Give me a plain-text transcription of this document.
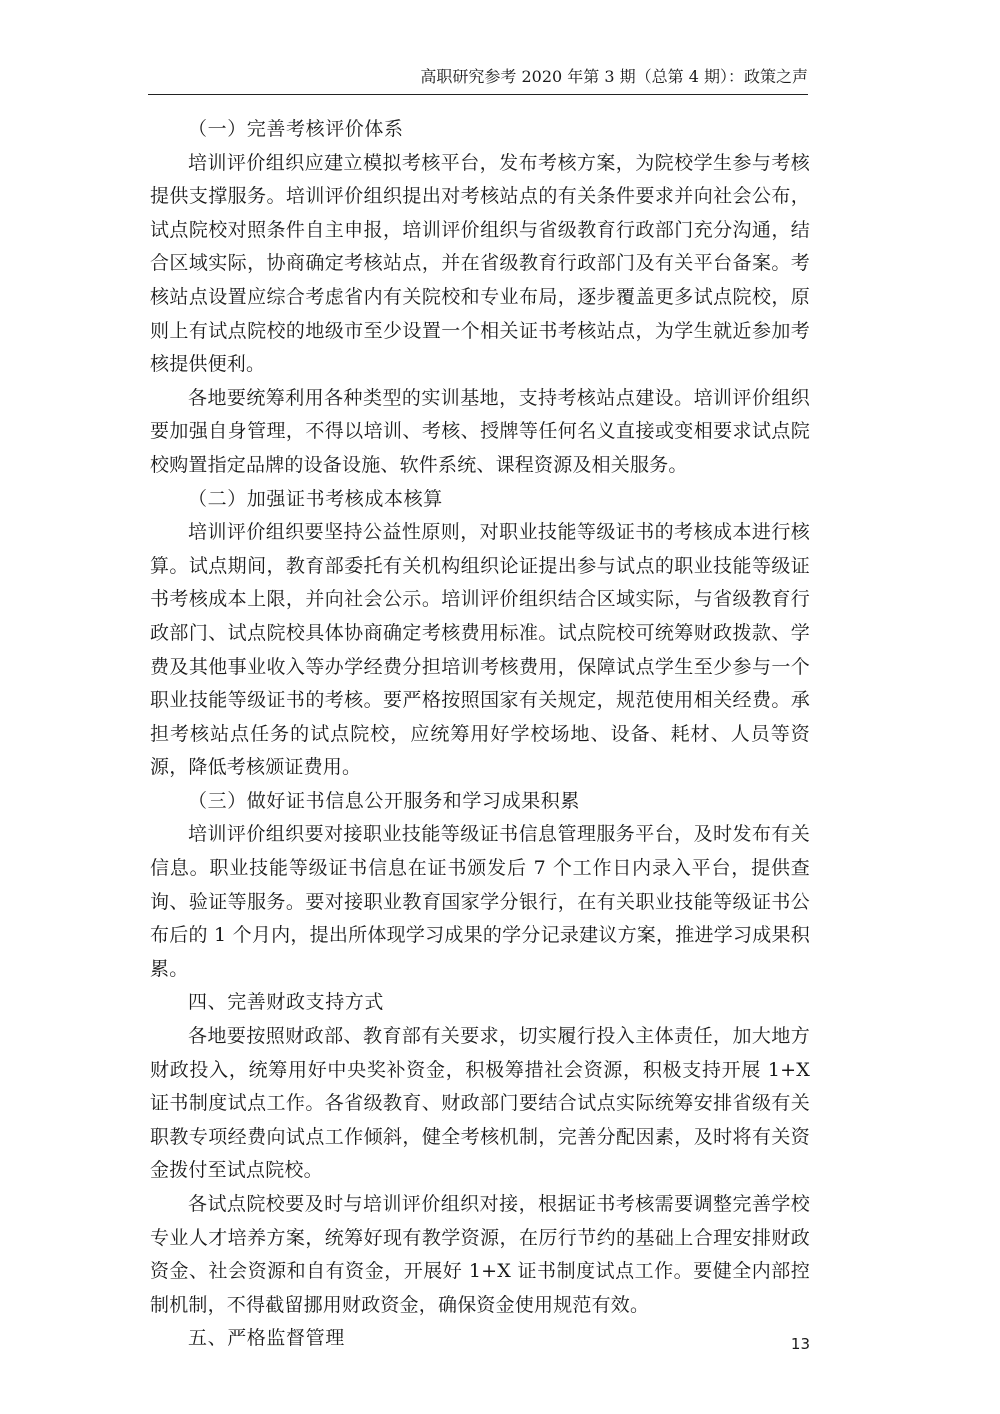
高职研究参考 2020 年第 3 期（总第 4 期）：政策之声

（一）完善考核评价体系

培训评价组织应建立模拟考核平台，发布考核方案，为院校学生参与考核提供支撑服务。培训评价组织提出对考核站点的有关条件要求并向社会公布，试点院校对照条件自主申报，培训评价组织与省级教育行政部门充分沟通，结合区域实际，协商确定考核站点，并在省级教育行政部门及有关平台备案。考核站点设置应综合考虑省内有关院校和专业布局，逐步覆盖更多试点院校，原则上有试点院校的地级市至少设置一个相关证书考核站点，为学生就近参加考核提供便利。

各地要统筹利用各种类型的实训基地，支持考核站点建设。培训评价组织要加强自身管理，不得以培训、考核、授牌等任何名义直接或变相要求试点院校购置指定品牌的设备设施、软件系统、课程资源及相关服务。

（二）加强证书考核成本核算

培训评价组织要坚持公益性原则，对职业技能等级证书的考核成本进行核算。试点期间，教育部委托有关机构组织论证提出参与试点的职业技能等级证书考核成本上限，并向社会公示。培训评价组织结合区域实际，与省级教育行政部门、试点院校具体协商确定考核费用标准。试点院校可统筹财政拨款、学费及其他事业收入等办学经费分担培训考核费用，保障试点学生至少参与一个职业技能等级证书的考核。要严格按照国家有关规定，规范使用相关经费。承担考核站点任务的试点院校，应统筹用好学校场地、设备、耗材、人员等资源，降低考核颁证费用。

（三）做好证书信息公开服务和学习成果积累

培训评价组织要对接职业技能等级证书信息管理服务平台，及时发布有关信息。职业技能等级证书信息在证书颁发后 7 个工作日内录入平台，提供查询、验证等服务。要对接职业教育国家学分银行，在有关职业技能等级证书公布后的 1 个月内，提出所体现学习成果的学分记录建议方案，推进学习成果积累。

四、完善财政支持方式

各地要按照财政部、教育部有关要求，切实履行投入主体责任，加大地方财政投入，统筹用好中央奖补资金，积极筹措社会资源，积极支持开展 1+X 证书制度试点工作。各省级教育、财政部门要结合试点实际统筹安排省级有关职教专项经费向试点工作倾斜，健全考核机制，完善分配因素，及时将有关资金拨付至试点院校。

各试点院校要及时与培训评价组织对接，根据证书考核需要调整完善学校专业人才培养方案，统筹好现有教学资源，在厉行节约的基础上合理安排财政资金、社会资源和自有资金，开展好 1+X 证书制度试点工作。要健全内部控制机制，不得截留挪用财政资金，确保资金使用规范有效。

五、严格监督管理	13
